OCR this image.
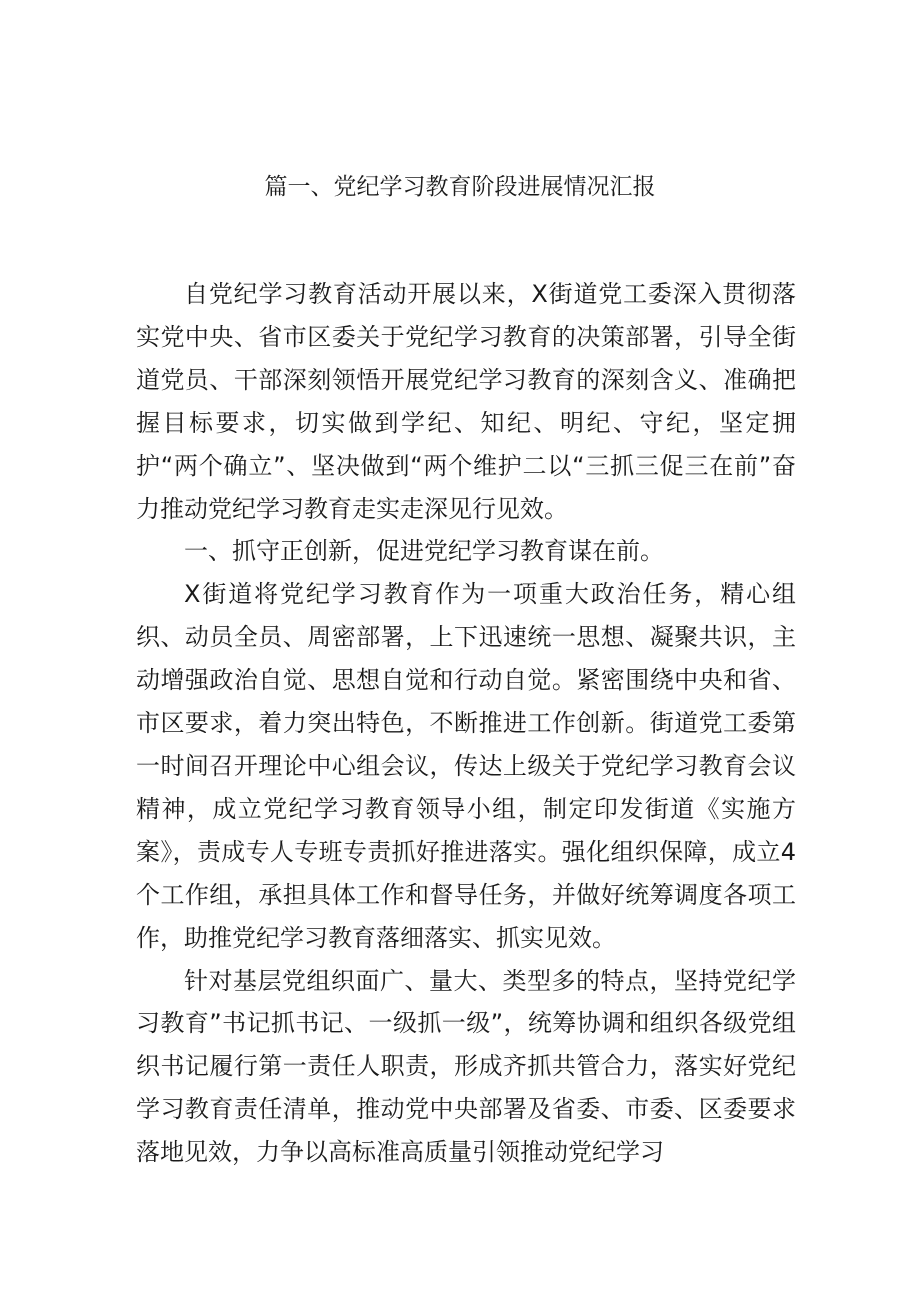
篇一、党纪学习教育阶段进展情况汇报

自党纪学习教育活动开展以来，X街道党工委深入贯彻落实党中央、省市区委关于党纪学习教育的决策部署，引导全街道党员、干部深刻领悟开展党纪学习教育的深刻含义、准确把握目标要求，切实做到学纪、知纪、明纪、守纪，坚定拥护“两个确立”、坚决做到“两个维护二以“三抓三促三在前”奋力推动党纪学习教育走实走深见行见效。

一、抓守正创新，促进党纪学习教育谋在前。

X街道将党纪学习教育作为一项重大政治任务，精心组织、动员全员、周密部署，上下迅速统一思想、凝聚共识，主动增强政治自觉、思想自觉和行动自觉。紧密围绕中央和省、市区要求，着力突出特色，不断推进工作创新。街道党工委第一时间召开理论中心组会议，传达上级关于党纪学习教育会议精神，成立党纪学习教育领导小组，制定印发街道《实施方案》，责成专人专班专责抓好推进落实。强化组织保障，成立4个工作组，承担具体工作和督导任务，并做好统筹调度各项工作，助推党纪学习教育落细落实、抓实见效。

针对基层党组织面广、量大、类型多的特点，坚持党纪学习教育”书记抓书记、一级抓一级”，统筹协调和组织各级党组织书记履行第一责任人职责，形成齐抓共管合力，落实好党纪学习教育责任清单，推动党中央部署及省委、市委、区委要求落地见效，力争以高标准高质量引领推动党纪学习
